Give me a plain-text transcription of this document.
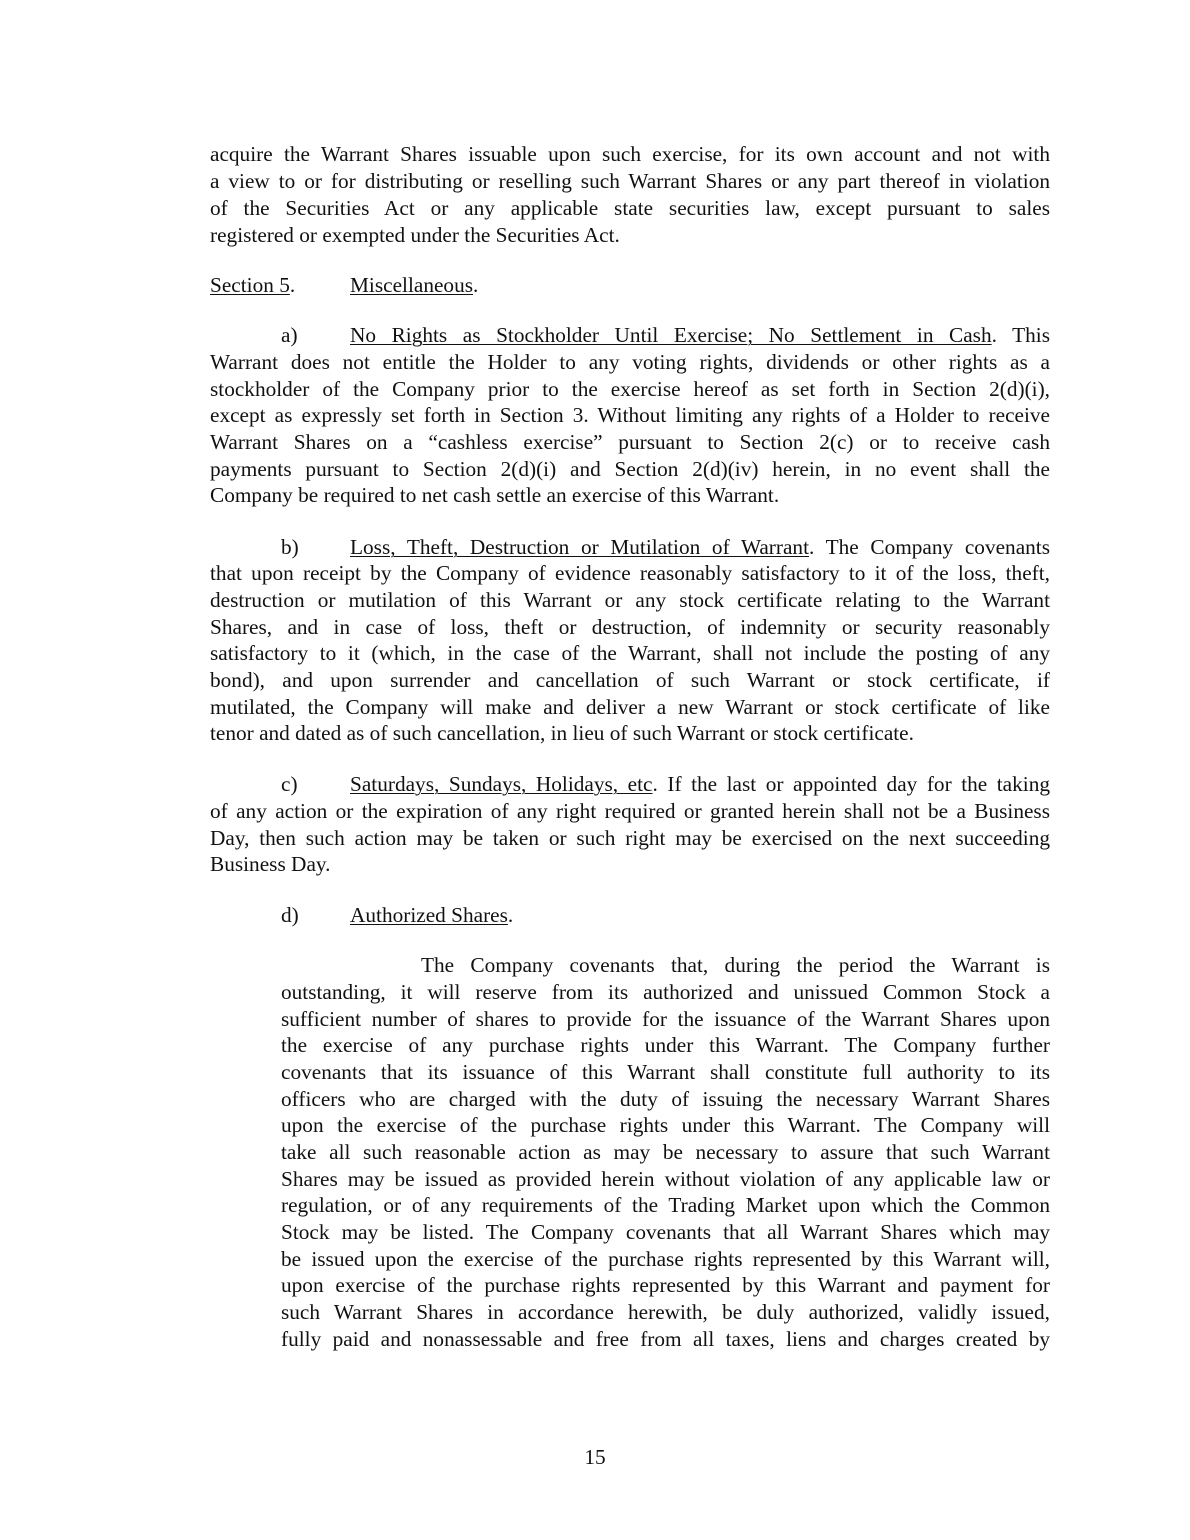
acquire the Warrant Shares issuable upon such exercise, for its own account and not with
a view to or for distributing or reselling such Warrant Shares or any part thereof in violation
of the Securities Act or any applicable state securities law, except pursuant to sales
registered or exempted under the Securities Act.
Section 5.	Miscellaneous.
a) No Rights as Stockholder Until Exercise; No Settlement in Cash. This
Warrant does not entitle the Holder to any voting rights, dividends or other rights as a
stockholder of the Company prior to the exercise hereof as set forth in Section 2(d)(i),
except as expressly set forth in Section 3. Without limiting any rights of a Holder to receive
Warrant Shares on a “cashless exercise” pursuant to Section 2(c) or to receive cash
payments pursuant to Section 2(d)(i) and Section 2(d)(iv) herein, in no event shall the
Company be required to net cash settle an exercise of this Warrant.
b) Loss, Theft, Destruction or Mutilation of Warrant. The Company covenants
that upon receipt by the Company of evidence reasonably satisfactory to it of the loss, theft,
destruction or mutilation of this Warrant or any stock certificate relating to the Warrant
Shares, and in case of loss, theft or destruction, of indemnity or security reasonably
satisfactory to it (which, in the case of the Warrant, shall not include the posting of any
bond), and upon surrender and cancellation of such Warrant or stock certificate, if
mutilated, the Company will make and deliver a new Warrant or stock certificate of like
tenor and dated as of such cancellation, in lieu of such Warrant or stock certificate.
c) Saturdays, Sundays, Holidays, etc. If the last or appointed day for the taking
of any action or the expiration of any right required or granted herein shall not be a Business
Day, then such action may be taken or such right may be exercised on the next succeeding
Business Day.
d) Authorized Shares.
The Company covenants that, during the period the Warrant is
outstanding, it will reserve from its authorized and unissued Common Stock a
sufficient number of shares to provide for the issuance of the Warrant Shares upon
the exercise of any purchase rights under this Warrant. The Company further
covenants that its issuance of this Warrant shall constitute full authority to its
officers who are charged with the duty of issuing the necessary Warrant Shares
upon the exercise of the purchase rights under this Warrant. The Company will
take all such reasonable action as may be necessary to assure that such Warrant
Shares may be issued as provided herein without violation of any applicable law or
regulation, or of any requirements of the Trading Market upon which the Common
Stock may be listed. The Company covenants that all Warrant Shares which may
be issued upon the exercise of the purchase rights represented by this Warrant will,
upon exercise of the purchase rights represented by this Warrant and payment for
such Warrant Shares in accordance herewith, be duly authorized, validly issued,
fully paid and nonassessable and free from all taxes, liens and charges created by
15
